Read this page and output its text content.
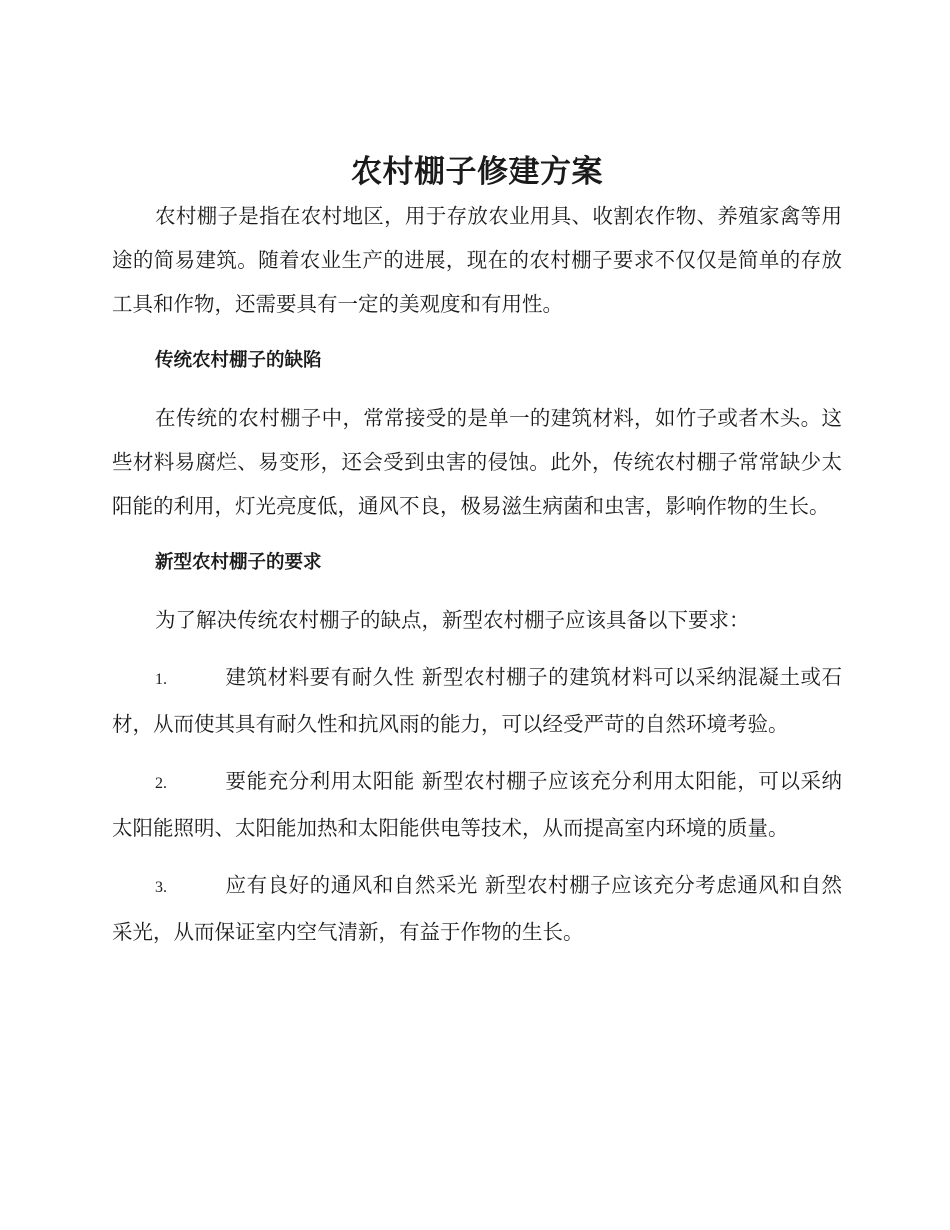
农村棚子修建方案

农村棚子是指在农村地区，用于存放农业用具、收割农作物、养殖家禽等用途的简易建筑。随着农业生产的进展，现在的农村棚子要求不仅仅是简单的存放工具和作物，还需要具有一定的美观度和有用性。

传统农村棚子的缺陷

在传统的农村棚子中，常常接受的是单一的建筑材料，如竹子或者木头。这些材料易腐烂、易变形，还会受到虫害的侵蚀。此外，传统农村棚子常常缺少太阳能的利用，灯光亮度低，通风不良，极易滋生病菌和虫害，影响作物的生长。

新型农村棚子的要求

为了解决传统农村棚子的缺点，新型农村棚子应该具备以下要求：

1.	建筑材料要有耐久性 新型农村棚子的建筑材料可以采纳混凝土或石材，从而使其具有耐久性和抗风雨的能力，可以经受严苛的自然环境考验。
2.	要能充分利用太阳能 新型农村棚子应该充分利用太阳能，可以采纳太阳能照明、太阳能加热和太阳能供电等技术，从而提高室内环境的质量。
3.	应有良好的通风和自然采光 新型农村棚子应该充分考虑通风和自然采光，从而保证室内空气清新，有益于作物的生长。
